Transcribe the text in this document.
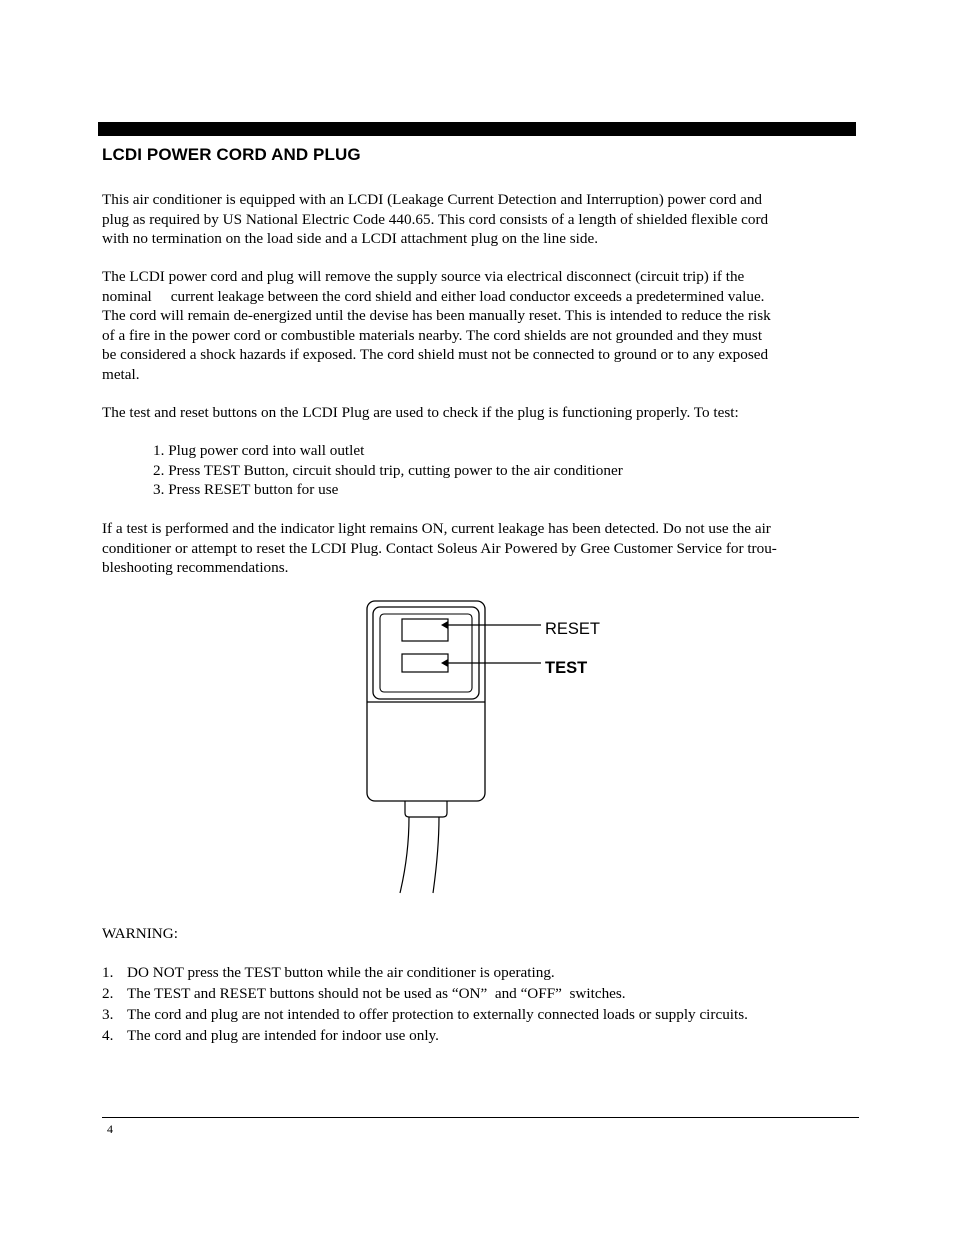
LCDI POWER CORD AND PLUG

This air conditioner is equipped with an LCDI (Leakage Current Detection and Interruption) power cord and
plug as required by US National Electric Code 440.65. This cord consists of a length of shielded flexible cord
with no termination on the load side and a LCDI attachment plug on the line side.

The LCDI power cord and plug will remove the supply source via electrical disconnect (circuit trip) if the
nominal     current leakage between the cord shield and either load conductor exceeds a predetermined value.
The cord will remain de-energized until the devise has been manually reset. This is intended to reduce the risk
of a fire in the power cord or combustible materials nearby. The cord shields are not grounded and they must
be considered a shock hazards if exposed. The cord shield must not be connected to ground or to any exposed
metal.

The test and reset buttons on the LCDI Plug are used to check if the plug is functioning properly. To test:

1. Plug power cord into wall outlet
2. Press TEST Button, circuit should trip, cutting power to the air conditioner
3. Press RESET button for use

If a test is performed and the indicator light remains ON, current leakage has been detected. Do not use the air
conditioner or attempt to reset the LCDI Plug. Contact Soleus Air Powered by Gree Customer Service for trou-
bleshooting recommendations.

RESET
TEST

WARNING:

1. DO NOT press the TEST button while the air conditioner is operating.
2. The TEST and RESET buttons should not be used as “ON”  and “OFF”  switches.
3. The cord and plug are not intended to offer protection to externally connected loads or supply circuits.
4. The cord and plug are intended for indoor use only.
4
